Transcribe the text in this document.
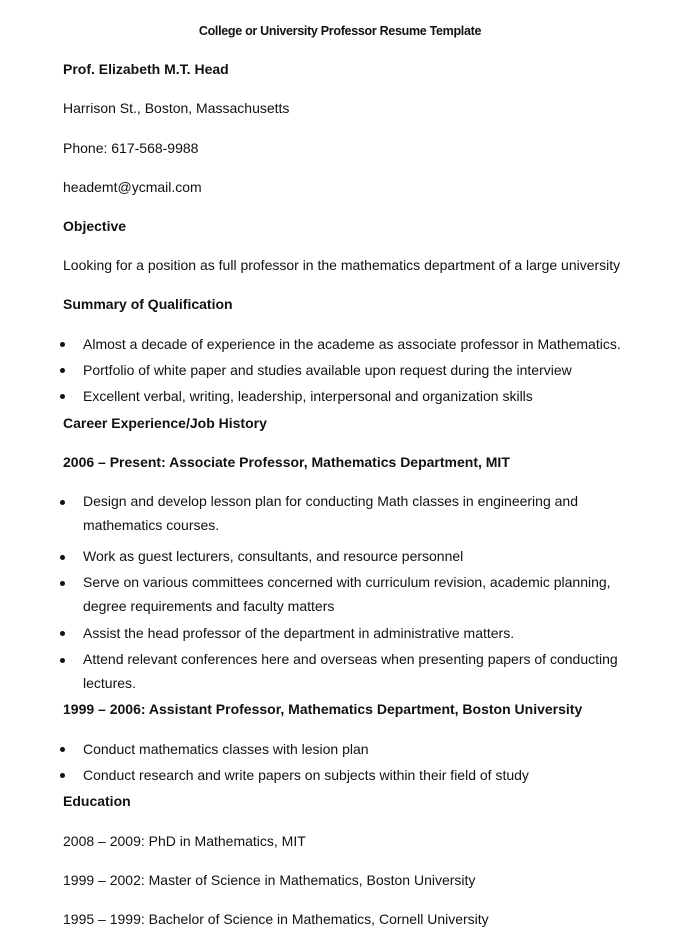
College or University Professor Resume Template
Prof. Elizabeth M.T. Head
Harrison St., Boston, Massachusetts
Phone: 617-568-9988
heademt@ycmail.com
Objective
Looking for a position as full professor in the mathematics department of a large university
Summary of Qualification
Almost a decade of experience in the academe as associate professor in Mathematics.
Portfolio of white paper and studies available upon request during the interview
Excellent verbal, writing, leadership, interpersonal and organization skills
Career Experience/Job History
2006 – Present: Associate Professor, Mathematics Department, MIT
Design and develop lesson plan for conducting Math classes in engineering and
mathematics courses.
Work as guest lecturers, consultants, and resource personnel
Serve on various committees concerned with curriculum revision, academic planning,
degree requirements and faculty matters
Assist the head professor of the department in administrative matters.
Attend relevant conferences here and overseas when presenting papers of conducting
lectures.
1999 – 2006: Assistant Professor, Mathematics Department, Boston University
Conduct mathematics classes with lesion plan
Conduct research and write papers on subjects within their field of study
Education
2008 – 2009: PhD in Mathematics, MIT
1999 – 2002: Master of Science in Mathematics, Boston University
1995 – 1999: Bachelor of Science in Mathematics, Cornell University
